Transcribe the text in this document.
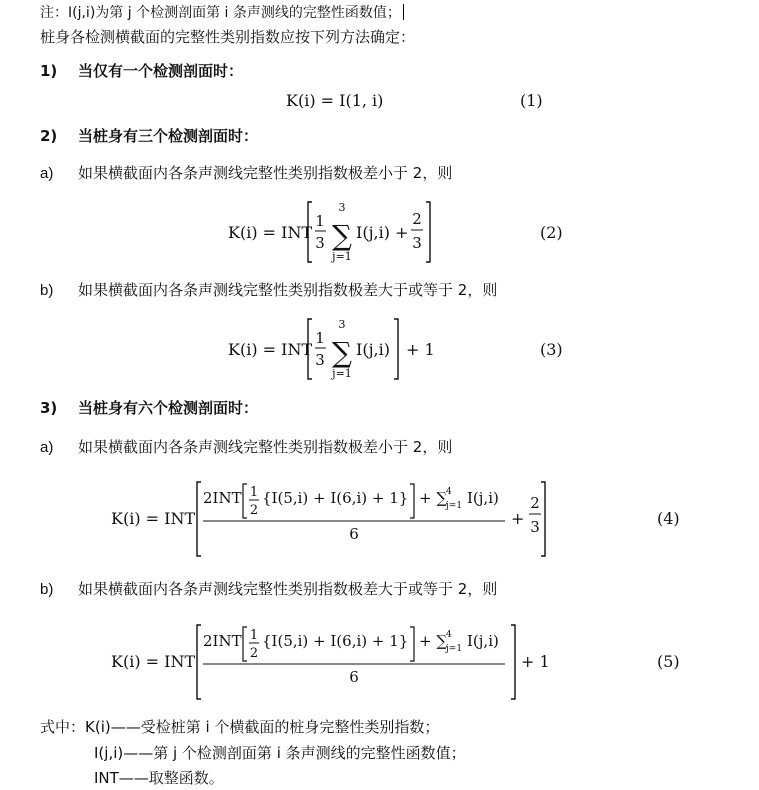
注：I(j,i)为第 j 个检测剖面第 i 条声测线的完整性函数值；
桩身各检测横截面的完整性类别指数应按下列方法确定：
1) 当仅有一个检测剖面时：
K(i) = I(1, i)	(1)
2) 当桩身有三个检测剖面时：
a) 如果横截面内各条声测线完整性类别指数极差小于 2，则
K(i) = INT
1
3
3
∑
j=1
I(j,i) +
2
3
(2)
b) 如果横截面内各条声测线完整性类别指数极差大于或等于 2，则
K(i) = INT
1
3
3
∑
j=1
I(j,i) + 1	(3)
3) 当桩身有六个检测剖面时：
a) 如果横截面内各条声测线完整性类别指数极差小于 2，则
K(i) = INT
2INT 1
2
{I(5,i) + I(6,i) + 1} + ∑
4
j=1 I(j,i)
6
+
2
3	(4)
b) 如果横截面内各条声测线完整性类别指数极差大于或等于 2，则
K(i) = INT
2INT 1
2
{I(5,i) + I(6,i) + 1} + ∑
4
j=1 I(j,i)
6
+ 1	(5)
式中：K(i)——受检桩第 i 个横截面的桩身完整性类别指数；
I(j,i)——第 j 个检测剖面第 i 条声测线的完整性函数值；
INT——取整函数。
